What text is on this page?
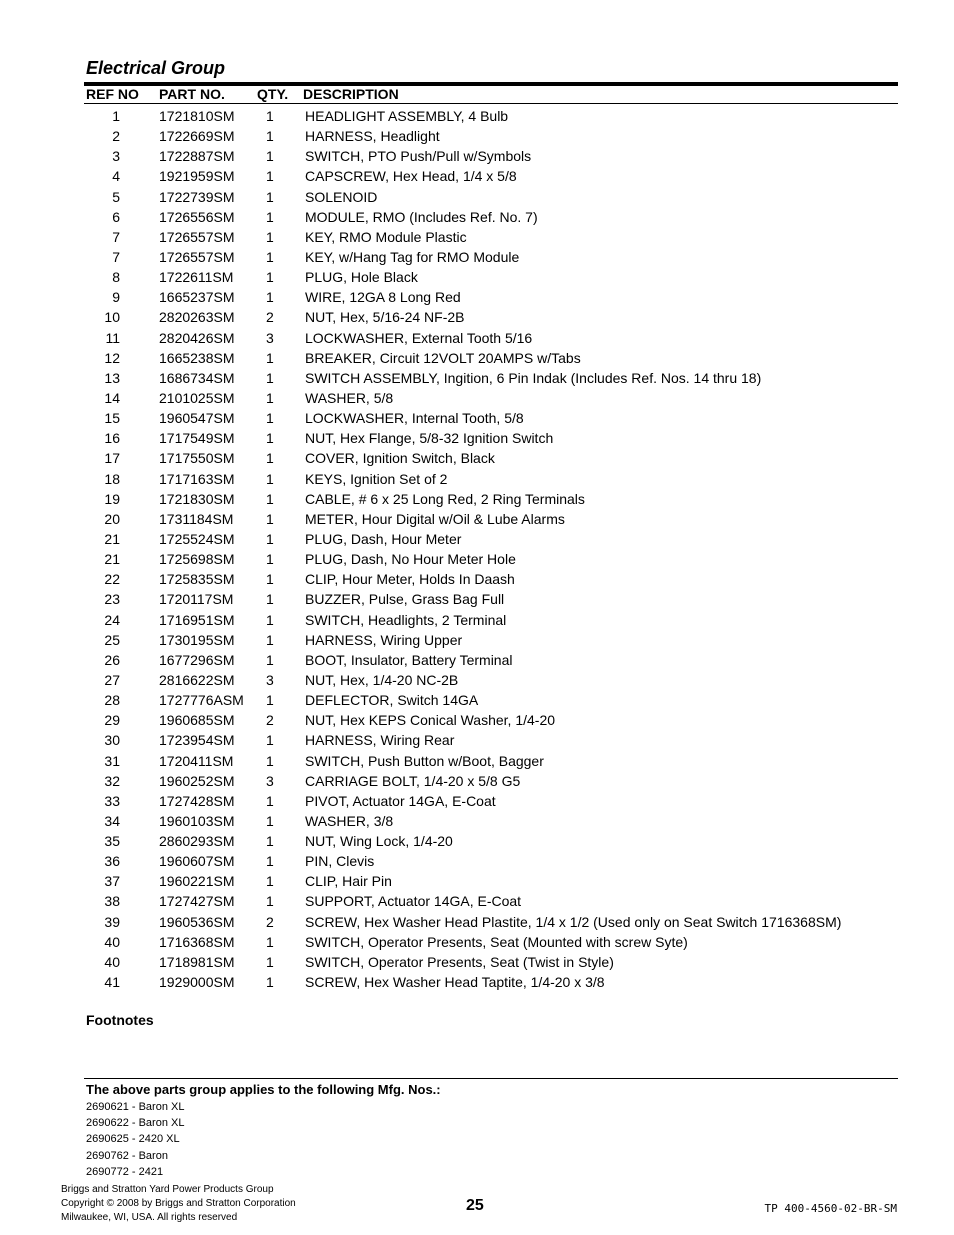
Electrical Group
REF NO PART NO. QTY. DESCRIPTION
1	1721810SM 1 HEADLIGHT ASSEMBLY, 4 Bulb
2	1722669SM 1 HARNESS, Headlight
3	1722887SM 1 SWITCH, PTO Push/Pull w/Symbols
4	1921959SM 1 CAPSCREW, Hex Head, 1/4 x 5/8
5	1722739SM 1 SOLENOID
6	1726556SM 1 MODULE, RMO (Includes Ref. No. 7)
7	1726557SM 1 KEY, RMO Module Plastic
7	1726557SM 1 KEY, w/Hang Tag for RMO Module
8	1722611SM 1 PLUG, Hole Black
9	1665237SM 1 WIRE, 12GA 8 Long Red
10	2820263SM 2 NUT, Hex, 5/16-24 NF-2B
11	2820426SM 3 LOCKWASHER, External Tooth 5/16
12	1665238SM 1 BREAKER, Circuit 12VOLT 20AMPS w/Tabs
13	1686734SM 1 SWITCH ASSEMBLY, Ingition, 6 Pin Indak (Includes Ref. Nos. 14 thru 18)
14	2101025SM 1 WASHER, 5/8
15	1960547SM 1 LOCKWASHER, Internal Tooth, 5/8
16	1717549SM 1 NUT, Hex Flange, 5/8-32 Ignition Switch
17	1717550SM 1 COVER, Ignition Switch, Black
18	1717163SM 1 KEYS, Ignition Set of 2
19	1721830SM 1 CABLE, # 6 x 25 Long Red, 2 Ring Terminals
20	1731184SM 1 METER, Hour Digital w/Oil & Lube Alarms
21	1725524SM 1 PLUG, Dash, Hour Meter
21	1725698SM 1 PLUG, Dash, No Hour Meter Hole
22	1725835SM 1 CLIP, Hour Meter, Holds In Daash
23	1720117SM 1 BUZZER, Pulse, Grass Bag Full
24	1716951SM 1 SWITCH, Headlights, 2 Terminal
25	1730195SM 1 HARNESS, Wiring Upper
26	1677296SM 1 BOOT, Insulator, Battery Terminal
27	2816622SM 3 NUT, Hex, 1/4-20 NC-2B
28	1727776ASM 1 DEFLECTOR, Switch 14GA
29	1960685SM 2 NUT, Hex KEPS Conical Washer, 1/4-20
30	1723954SM 1 HARNESS, Wiring Rear
31	1720411SM 1 SWITCH, Push Button w/Boot, Bagger
32	1960252SM 3 CARRIAGE BOLT, 1/4-20 x 5/8 G5
33	1727428SM 1 PIVOT, Actuator 14GA, E-Coat
34	1960103SM 1 WASHER, 3/8
35	2860293SM 1 NUT, Wing Lock, 1/4-20
36	1960607SM 1 PIN, Clevis
37	1960221SM 1 CLIP, Hair Pin
38	1727427SM 1 SUPPORT, Actuator 14GA, E-Coat
39	1960536SM 2 SCREW, Hex Washer Head Plastite, 1/4 x 1/2 (Used only on Seat Switch 1716368SM)
40	1716368SM 1 SWITCH, Operator Presents, Seat (Mounted with screw Syte)
40	1718981SM 1 SWITCH, Operator Presents, Seat (Twist in Style)
41	1929000SM 1 SCREW, Hex Washer Head Taptite, 1/4-20 x 3/8
Footnotes
The above parts group applies to the following Mfg. Nos.:
2690621 - Baron XL
2690622 - Baron XL
2690625 - 2420 XL
2690762 - Baron
2690772 - 2421
Briggs and Stratton Yard Power Products Group
Copyright © 2008 by Briggs and Stratton Corporation
Milwaukee, WI, USA. All rights reserved
25	TP 400-4560-02-BR-SM
